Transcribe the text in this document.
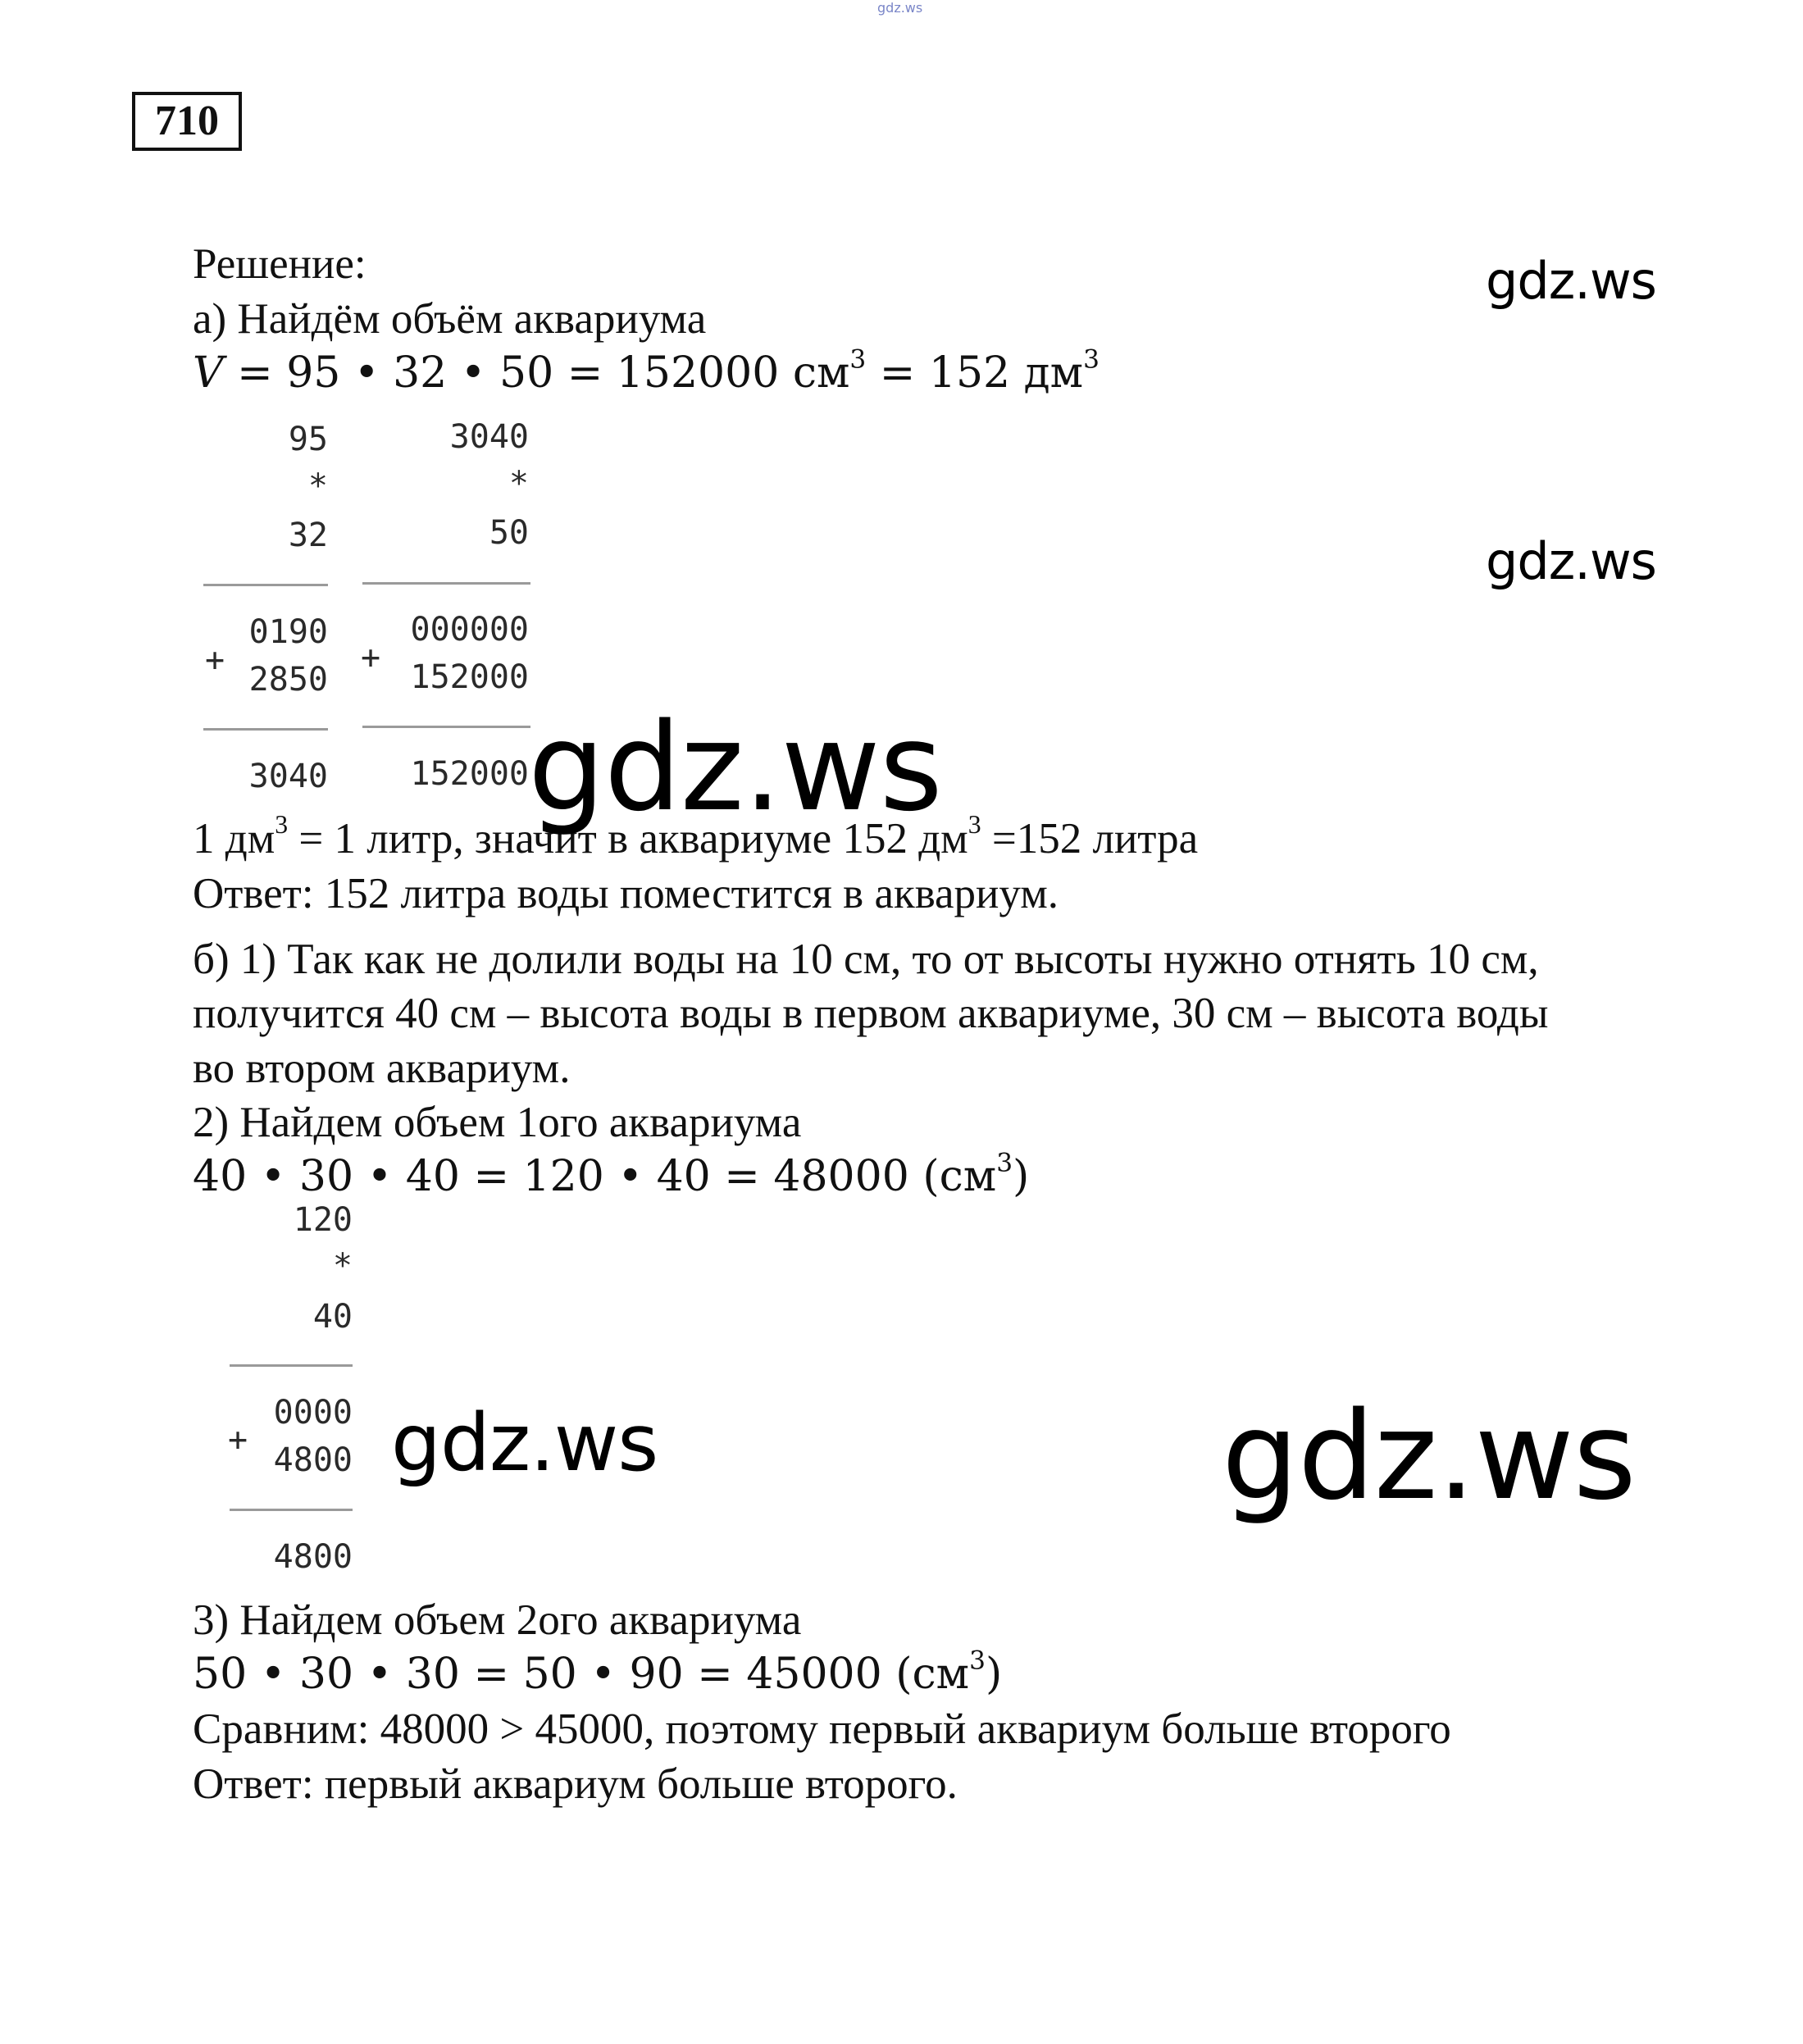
gdz.ws
710
Решение:
а) Найдём объём аквариума
V = 95 • 32 • 50 = 152000 $см^3 = 152$ $дм^3$
95
*
32
0190
+
2850
3040
3040
*
50
000000
+
152000
152000
1 $дм^3 = 1$ литр, значит в аквариуме 152 $дм^3 =152$ литра
Ответ: 152 литра воды поместится в аквариум.
б) 1) Так как не долили воды на 10 см, то от высоты нужно отнять 10 см,
получится 40 см – высота воды в первом аквариуме, 30 см – высота воды
во втором аквариум.
2) Найдем объем 1ого аквариума
40 • 30 • 40 = 120 • 40 = 48000 $(см^3)$
120
*
40
0000
+
4800
4800
3) Найдем объем 2ого аквариума
50 • 30 • 30 = 50 • 90 = 45000 $(см^3)$
Сравним: 48000 > 45000, поэтому первый аквариум больше второго
Ответ: первый аквариум больше второго.
gdz.ws
gdz.ws
gdz.ws
gdz.ws	gdz.ws
